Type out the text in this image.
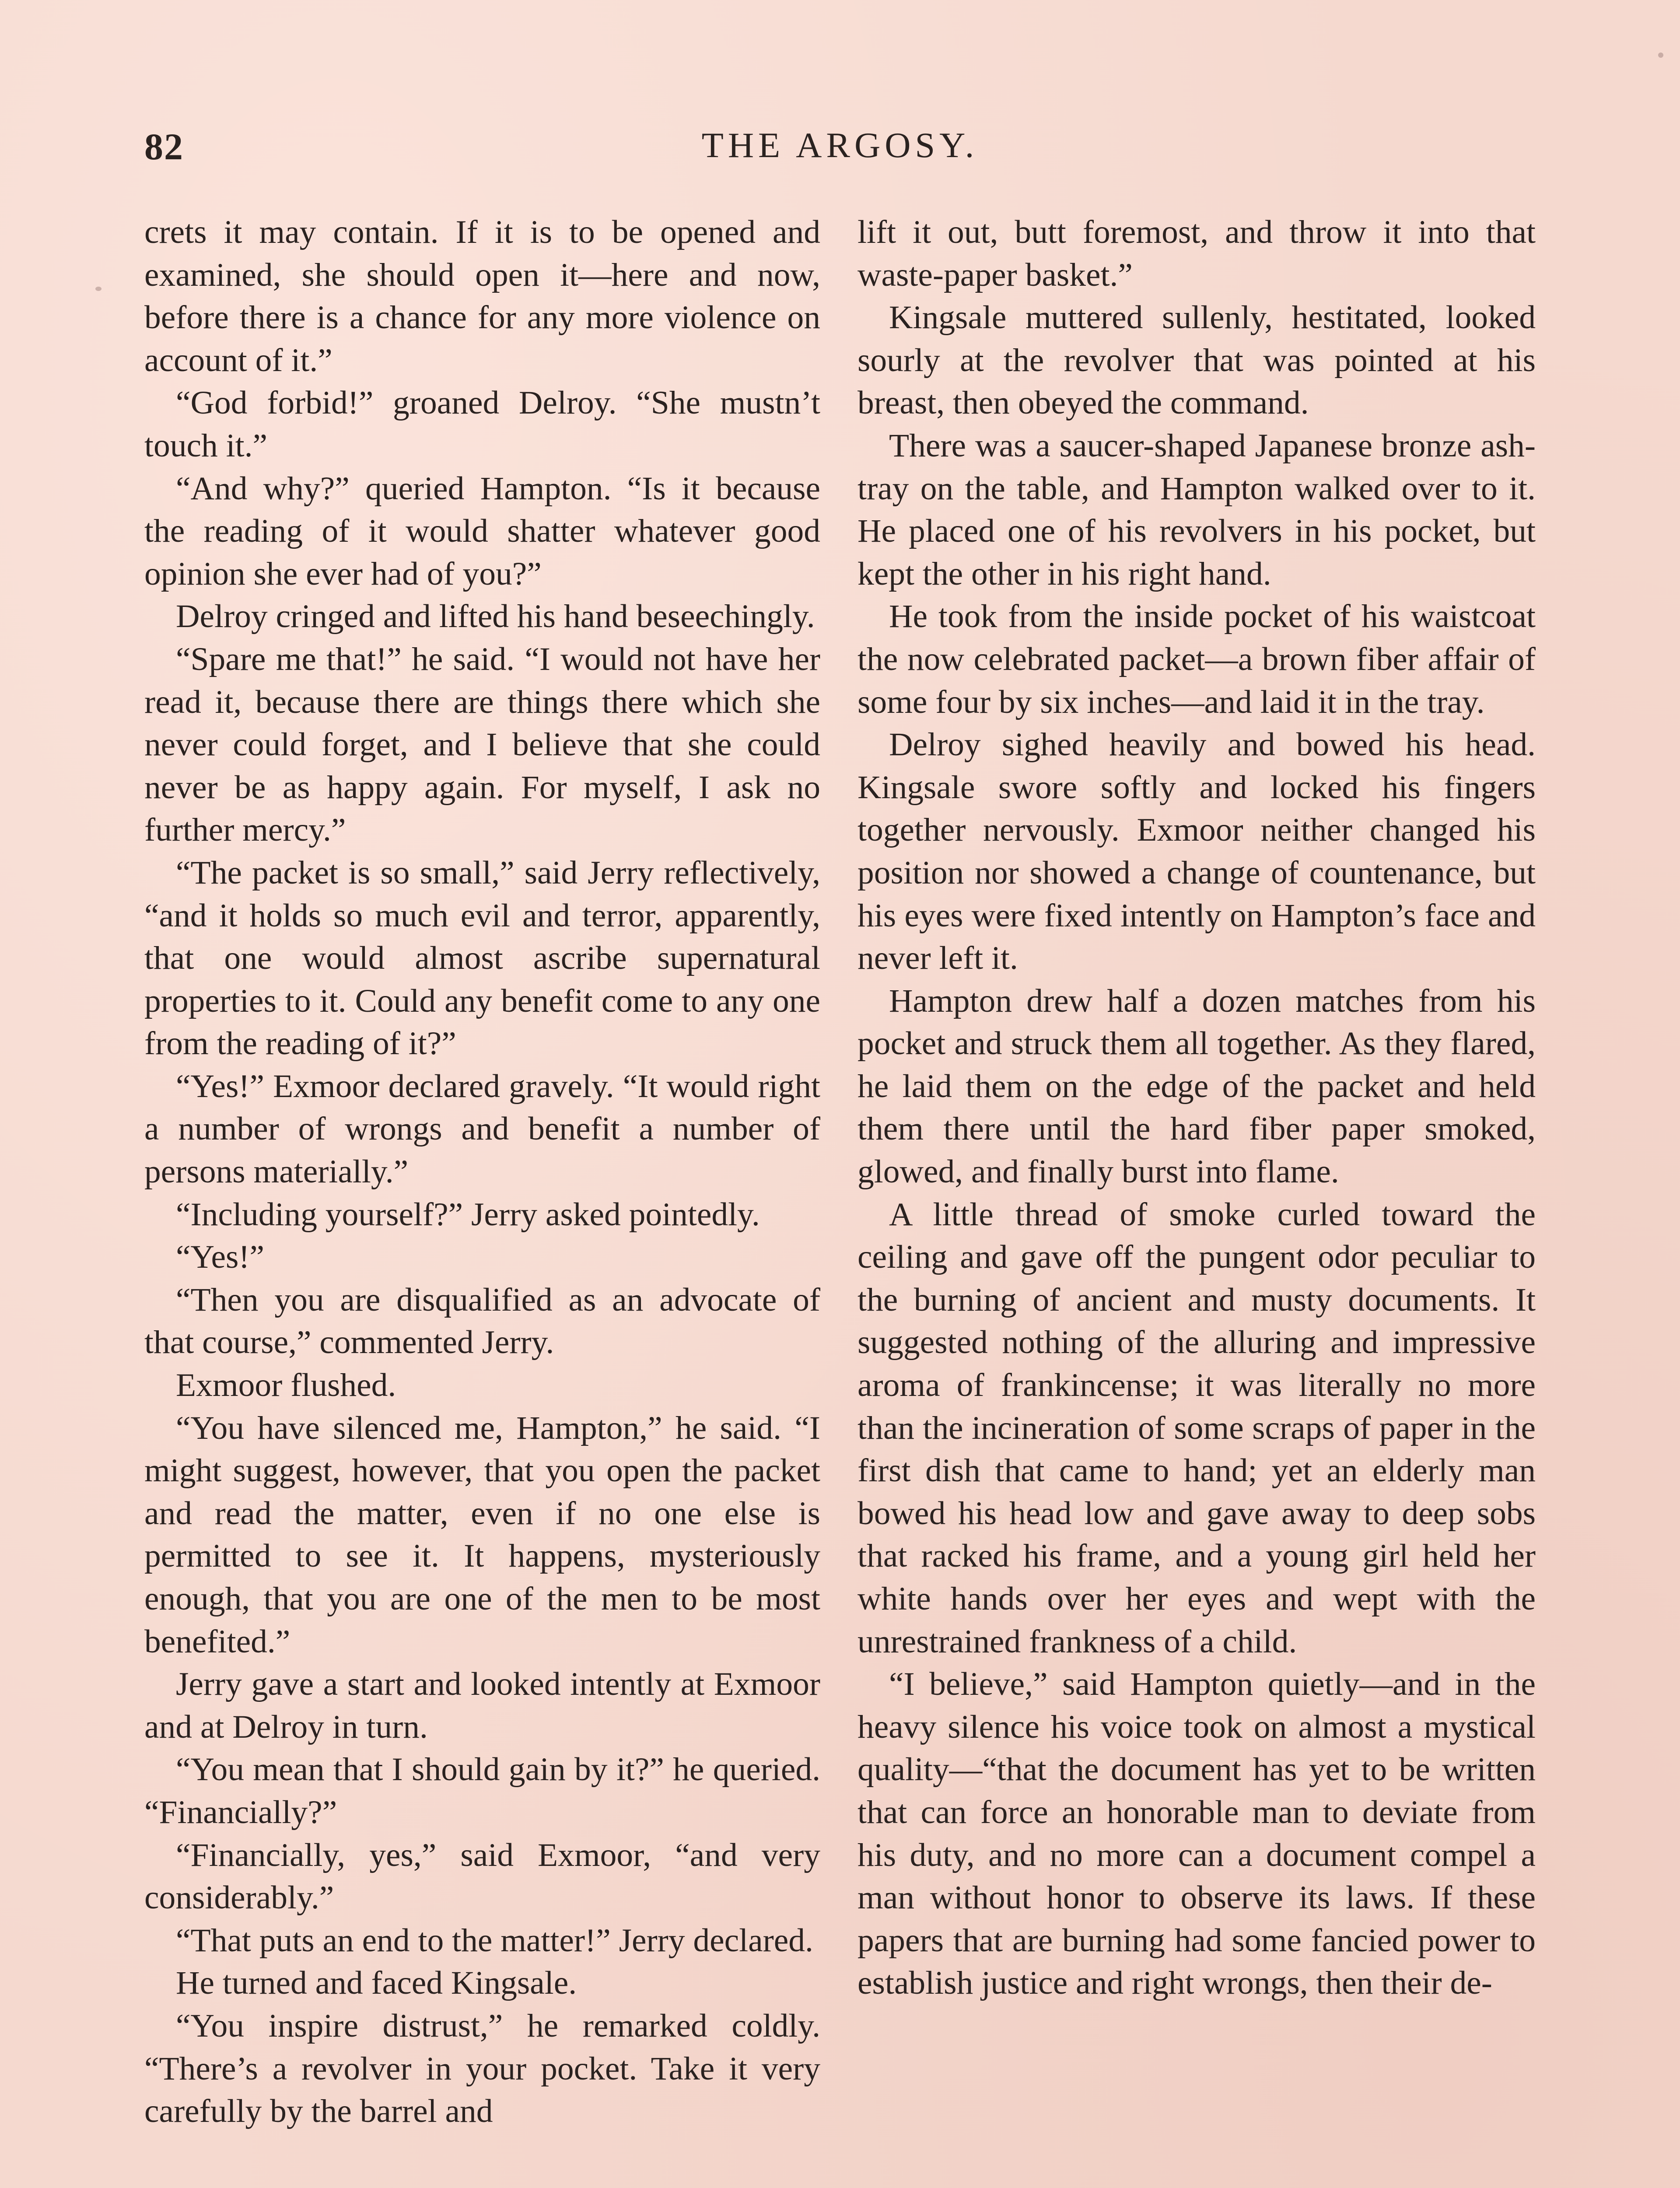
82	THE ARGOSY.

crets it may contain. If it is to be opened and examined, she should open it—here and now, before there is a chance for any more violence on account of it.”

“God forbid!” groaned Delroy. “She mustn’t touch it.”

“And why?” queried Hampton. “Is it because the reading of it would shatter whatever good opinion she ever had of you?”

Delroy cringed and lifted his hand beseechingly.

“Spare me that!” he said. “I would not have her read it, because there are things there which she never could forget, and I believe that she could never be as happy again. For myself, I ask no further mercy.”

“The packet is so small,” said Jerry reflectively, “and it holds so much evil and terror, apparently, that one would almost ascribe supernatural properties to it. Could any benefit come to any one from the reading of it?”

“Yes!” Exmoor declared gravely. “It would right a number of wrongs and benefit a number of persons materially.”

“Including yourself?” Jerry asked pointedly.

“Yes!”

“Then you are disqualified as an advocate of that course,” commented Jerry.

Exmoor flushed.

“You have silenced me, Hampton,” he said. “I might suggest, however, that you open the packet and read the matter, even if no one else is permitted to see it. It happens, mysteriously enough, that you are one of the men to be most benefited.”

Jerry gave a start and looked intently at Exmoor and at Delroy in turn.

“You mean that I should gain by it?” he queried. “Financially?”

“Financially, yes,” said Exmoor, “and very considerably.”

“That puts an end to the matter!” Jerry declared.

He turned and faced Kingsale.

“You inspire distrust,” he remarked coldly. “There’s a revolver in your pocket. Take it very carefully by the barrel and

lift it out, butt foremost, and throw it into that waste-paper basket.”

Kingsale muttered sullenly, hestitated, looked sourly at the revolver that was pointed at his breast, then obeyed the command.

There was a saucer-shaped Japanese bronze ash-tray on the table, and Hampton walked over to it. He placed one of his revolvers in his pocket, but kept the other in his right hand.

He took from the inside pocket of his waistcoat the now celebrated packet—a brown fiber affair of some four by six inches—and laid it in the tray.

Delroy sighed heavily and bowed his head. Kingsale swore softly and locked his fingers together nervously. Exmoor neither changed his position nor showed a change of countenance, but his eyes were fixed intently on Hampton’s face and never left it.

Hampton drew half a dozen matches from his pocket and struck them all together. As they flared, he laid them on the edge of the packet and held them there until the hard fiber paper smoked, glowed, and finally burst into flame.

A little thread of smoke curled toward the ceiling and gave off the pungent odor peculiar to the burning of ancient and musty documents. It suggested nothing of the alluring and impressive aroma of frankincense; it was literally no more than the incineration of some scraps of paper in the first dish that came to hand; yet an elderly man bowed his head low and gave away to deep sobs that racked his frame, and a young girl held her white hands over her eyes and wept with the unrestrained frankness of a child.

“I believe,” said Hampton quietly—and in the heavy silence his voice took on almost a mystical quality—“that the document has yet to be written that can force an honorable man to deviate from his duty, and no more can a document compel a man without honor to observe its laws. If these papers that are burning had some fancied power to establish justice and right wrongs, then their de-
